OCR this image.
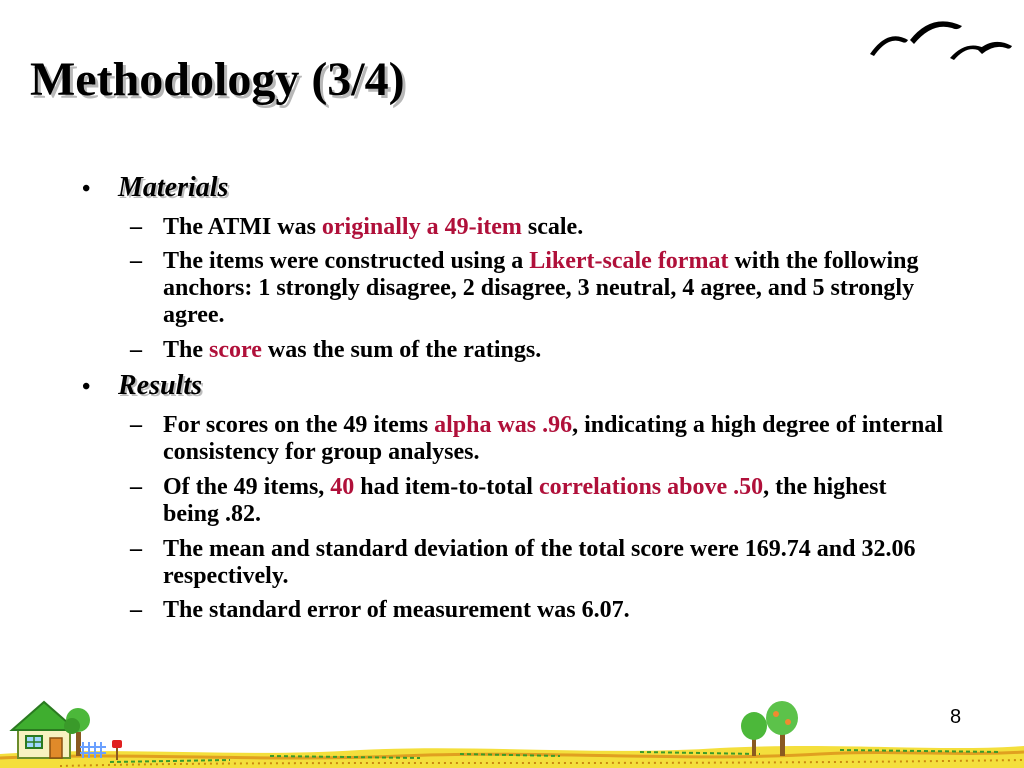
Methodology (3/4)
• Materials
– The ATMI was originally a 49-item scale.
– The items were constructed using a Likert-scale format with the following anchors: 1 strongly disagree, 2 disagree, 3 neutral, 4 agree, and 5 strongly agree.
– The score was the sum of the ratings.
• Results
– For scores on the 49 items alpha was .96, indicating a high degree of internal consistency for group analyses.
– Of the 49 items, 40 had item-to-total correlations above .50, the highest being .82.
– The mean and standard deviation of the total score were 169.74 and 32.06 respectively.
– The standard error of measurement was 6.07.
8
